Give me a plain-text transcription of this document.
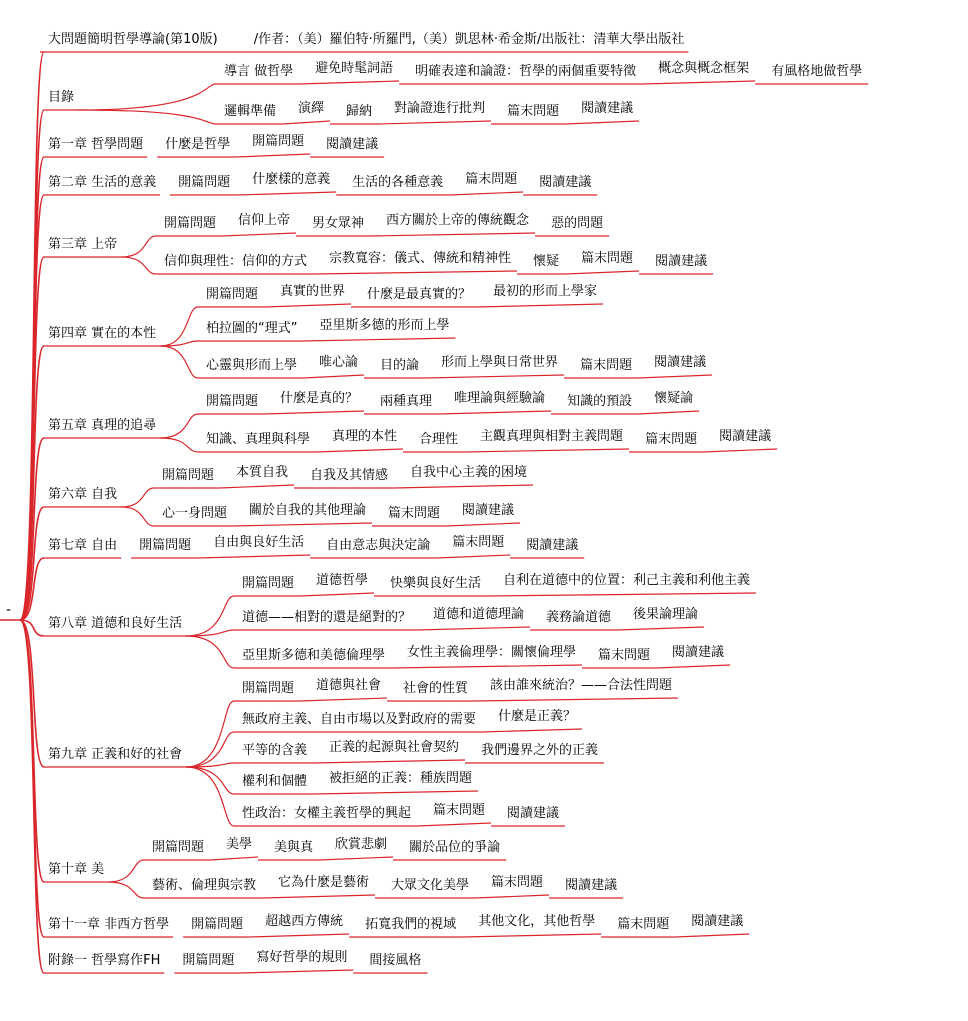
大問題簡明哲學導論(第10版)	/作者：（美）羅伯特·所羅門,（美）凱思林·希金斯/出版社：清華大學出版社
目錄
導言 做哲學 避免時髦詞語 明確表達和論證：哲學的兩個重要特徵 概念與概念框架 有風格地做哲學
邏輯準備 演繹 歸納 對論證進行批判 篇末問題 閱讀建議
第一章 哲學問題 什麼是哲學 開篇問題 閱讀建議
第二章 生活的意義 開篇問題 什麼樣的意義 生活的各種意義 篇末問題 閱讀建議
第三章 上帝
開篇問題 信仰上帝 男女眾神 西方關於上帝的傳統觀念 惡的問題
信仰與理性：信仰的方式 宗教寬容：儀式、傳統和精神性 懷疑 篇末問題 閱讀建議
第四章 實在的本性
開篇問題 真實的世界 什麼是最真實的？ 最初的形而上學家
柏拉圖的“理式” 亞里斯多德的形而上學
心靈與形而上學 唯心論 目的論 形而上學與日常世界 篇末問題 閱讀建議
第五章 真理的追尋
開篇問題 什麼是真的？ 兩種真理 唯理論與經驗論 知識的預設 懷疑論
知識、真理與科學 真理的本性 合理性 主觀真理與相對主義問題 篇末問題 閱讀建議
第六章 自我
開篇問題 本質自我 自我及其情感 自我中心主義的困境
心一身問題 關於自我的其他理論 篇末問題 閱讀建議
第七章 自由 開篇問題 自由與良好生活 自由意志與決定論 篇末問題 閱讀建議
第八章 道德和良好生活
開篇問題 道德哲學 快樂與良好生活 自利在道德中的位置：利己主義和利他主義
道德——相對的還是絕對的？ 道德和道德理論 義務論道德 後果論理論
亞里斯多德和美德倫理學 女性主義倫理學：關懷倫理學 篇末問題 閱讀建議
第九章 正義和好的社會
開篇問題 道德與社會 社會的性質 該由誰來統治？——合法性問題
無政府主義、自由市場以及對政府的需要 什麼是正義？
平等的含義 正義的起源與社會契約 我們邊界之外的正義
權利和個體 被拒絕的正義：種族問題
性政治：女權主義哲學的興起 篇末問題 閱讀建議
第十章 美
開篇問題 美學 美與真 欣賞悲劇 關於品位的爭論
藝術、倫理與宗教 它為什麼是藝術 大眾文化美學 篇末問題 閱讀建議
第十一章 非西方哲學 開篇問題 超越西方傳統 拓寬我們的視域 其他文化，其他哲學 篇末問題 閱讀建議
附錄一 哲學寫作FH 開篇問題 寫好哲學的規則 間接風格
-
